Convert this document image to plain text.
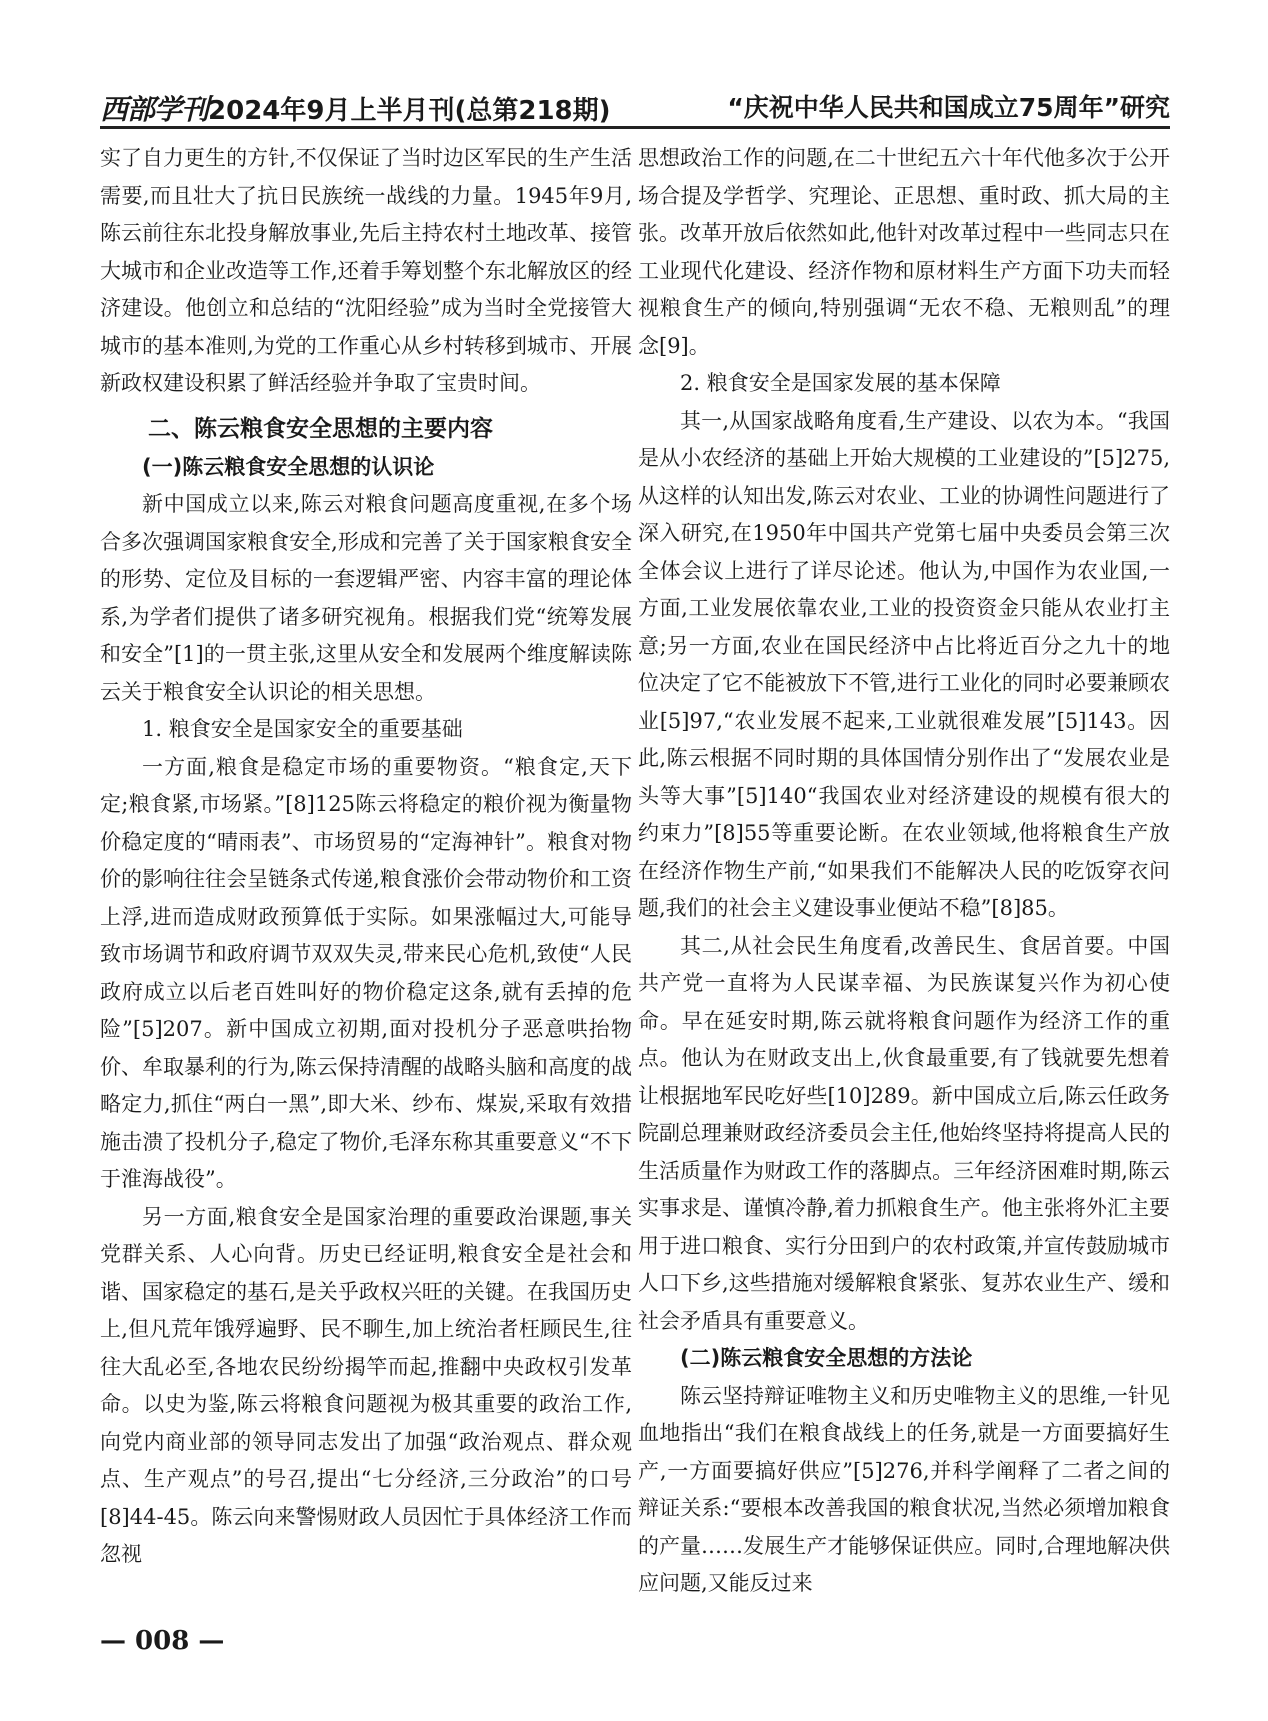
西部学刊2024年9月上半月刊(总第218期)	“庆祝中华人民共和国成立75周年”研究

实了自力更生的方针,不仅保证了当时边区军民的生产生活需要,而且壮大了抗日民族统一战线的力量。1945年9月,陈云前往东北投身解放事业,先后主持农村土地改革、接管大城市和企业改造等工作,还着手筹划整个东北解放区的经济建设。他创立和总结的“沈阳经验”成为当时全党接管大城市的基本准则,为党的工作重心从乡村转移到城市、开展新政权建设积累了鲜活经验并争取了宝贵时间。

二、陈云粮食安全思想的主要内容
(一)陈云粮食安全思想的认识论

新中国成立以来,陈云对粮食问题高度重视,在多个场合多次强调国家粮食安全,形成和完善了关于国家粮食安全的形势、定位及目标的一套逻辑严密、内容丰富的理论体系,为学者们提供了诸多研究视角。根据我们党“统筹发展和安全”[1]的一贯主张,这里从安全和发展两个维度解读陈云关于粮食安全认识论的相关思想。

1. 粮食安全是国家安全的重要基础

一方面,粮食是稳定市场的重要物资。“粮食定,天下定;粮食紧,市场紧。”[8]125陈云将稳定的粮价视为衡量物价稳定度的“晴雨表”、市场贸易的“定海神针”。粮食对物价的影响往往会呈链条式传递,粮食涨价会带动物价和工资上浮,进而造成财政预算低于实际。如果涨幅过大,可能导致市场调节和政府调节双双失灵,带来民心危机,致使“人民政府成立以后老百姓叫好的物价稳定这条,就有丢掉的危险”[5]207。新中国成立初期,面对投机分子恶意哄抬物价、牟取暴利的行为,陈云保持清醒的战略头脑和高度的战略定力,抓住“两白一黑”,即大米、纱布、煤炭,采取有效措施击溃了投机分子,稳定了物价,毛泽东称其重要意义“不下于淮海战役”。

另一方面,粮食安全是国家治理的重要政治课题,事关党群关系、人心向背。历史已经证明,粮食安全是社会和谐、国家稳定的基石,是关乎政权兴旺的关键。在我国历史上,但凡荒年饿殍遍野、民不聊生,加上统治者枉顾民生,往往大乱必至,各地农民纷纷揭竿而起,推翻中央政权引发革命。以史为鉴,陈云将粮食问题视为极其重要的政治工作,向党内商业部的领导同志发出了加强“政治观点、群众观点、生产观点”的号召,提出“七分经济,三分政治”的口号[8]44-45。陈云向来警惕财政人员因忙于具体经济工作而忽视

思想政治工作的问题,在二十世纪五六十年代他多次于公开场合提及学哲学、究理论、正思想、重时政、抓大局的主张。改革开放后依然如此,他针对改革过程中一些同志只在工业现代化建设、经济作物和原材料生产方面下功夫而轻视粮食生产的倾向,特别强调“无农不稳、无粮则乱”的理念[9]。

2. 粮食安全是国家发展的基本保障

其一,从国家战略角度看,生产建设、以农为本。“我国是从小农经济的基础上开始大规模的工业建设的”[5]275,从这样的认知出发,陈云对农业、工业的协调性问题进行了深入研究,在1950年中国共产党第七届中央委员会第三次全体会议上进行了详尽论述。他认为,中国作为农业国,一方面,工业发展依靠农业,工业的投资资金只能从农业打主意;另一方面,农业在国民经济中占比将近百分之九十的地位决定了它不能被放下不管,进行工业化的同时必要兼顾农业[5]97,“农业发展不起来,工业就很难发展”[5]143。因此,陈云根据不同时期的具体国情分别作出了“发展农业是头等大事”[5]140“我国农业对经济建设的规模有很大的约束力”[8]55等重要论断。在农业领域,他将粮食生产放在经济作物生产前,“如果我们不能解决人民的吃饭穿衣问题,我们的社会主义建设事业便站不稳”[8]85。

其二,从社会民生角度看,改善民生、食居首要。中国共产党一直将为人民谋幸福、为民族谋复兴作为初心使命。早在延安时期,陈云就将粮食问题作为经济工作的重点。他认为在财政支出上,伙食最重要,有了钱就要先想着让根据地军民吃好些[10]289。新中国成立后,陈云任政务院副总理兼财政经济委员会主任,他始终坚持将提高人民的生活质量作为财政工作的落脚点。三年经济困难时期,陈云实事求是、谨慎冷静,着力抓粮食生产。他主张将外汇主要用于进口粮食、实行分田到户的农村政策,并宣传鼓励城市人口下乡,这些措施对缓解粮食紧张、复苏农业生产、缓和社会矛盾具有重要意义。

(二)陈云粮食安全思想的方法论

陈云坚持辩证唯物主义和历史唯物主义的思维,一针见血地指出“我们在粮食战线上的任务,就是一方面要搞好生产,一方面要搞好供应”[5]276,并科学阐释了二者之间的辩证关系:“要根本改善我国的粮食状况,当然必须增加粮食的产量……发展生产才能够保证供应。同时,合理地解决供应问题,又能反过来

— 008 —
